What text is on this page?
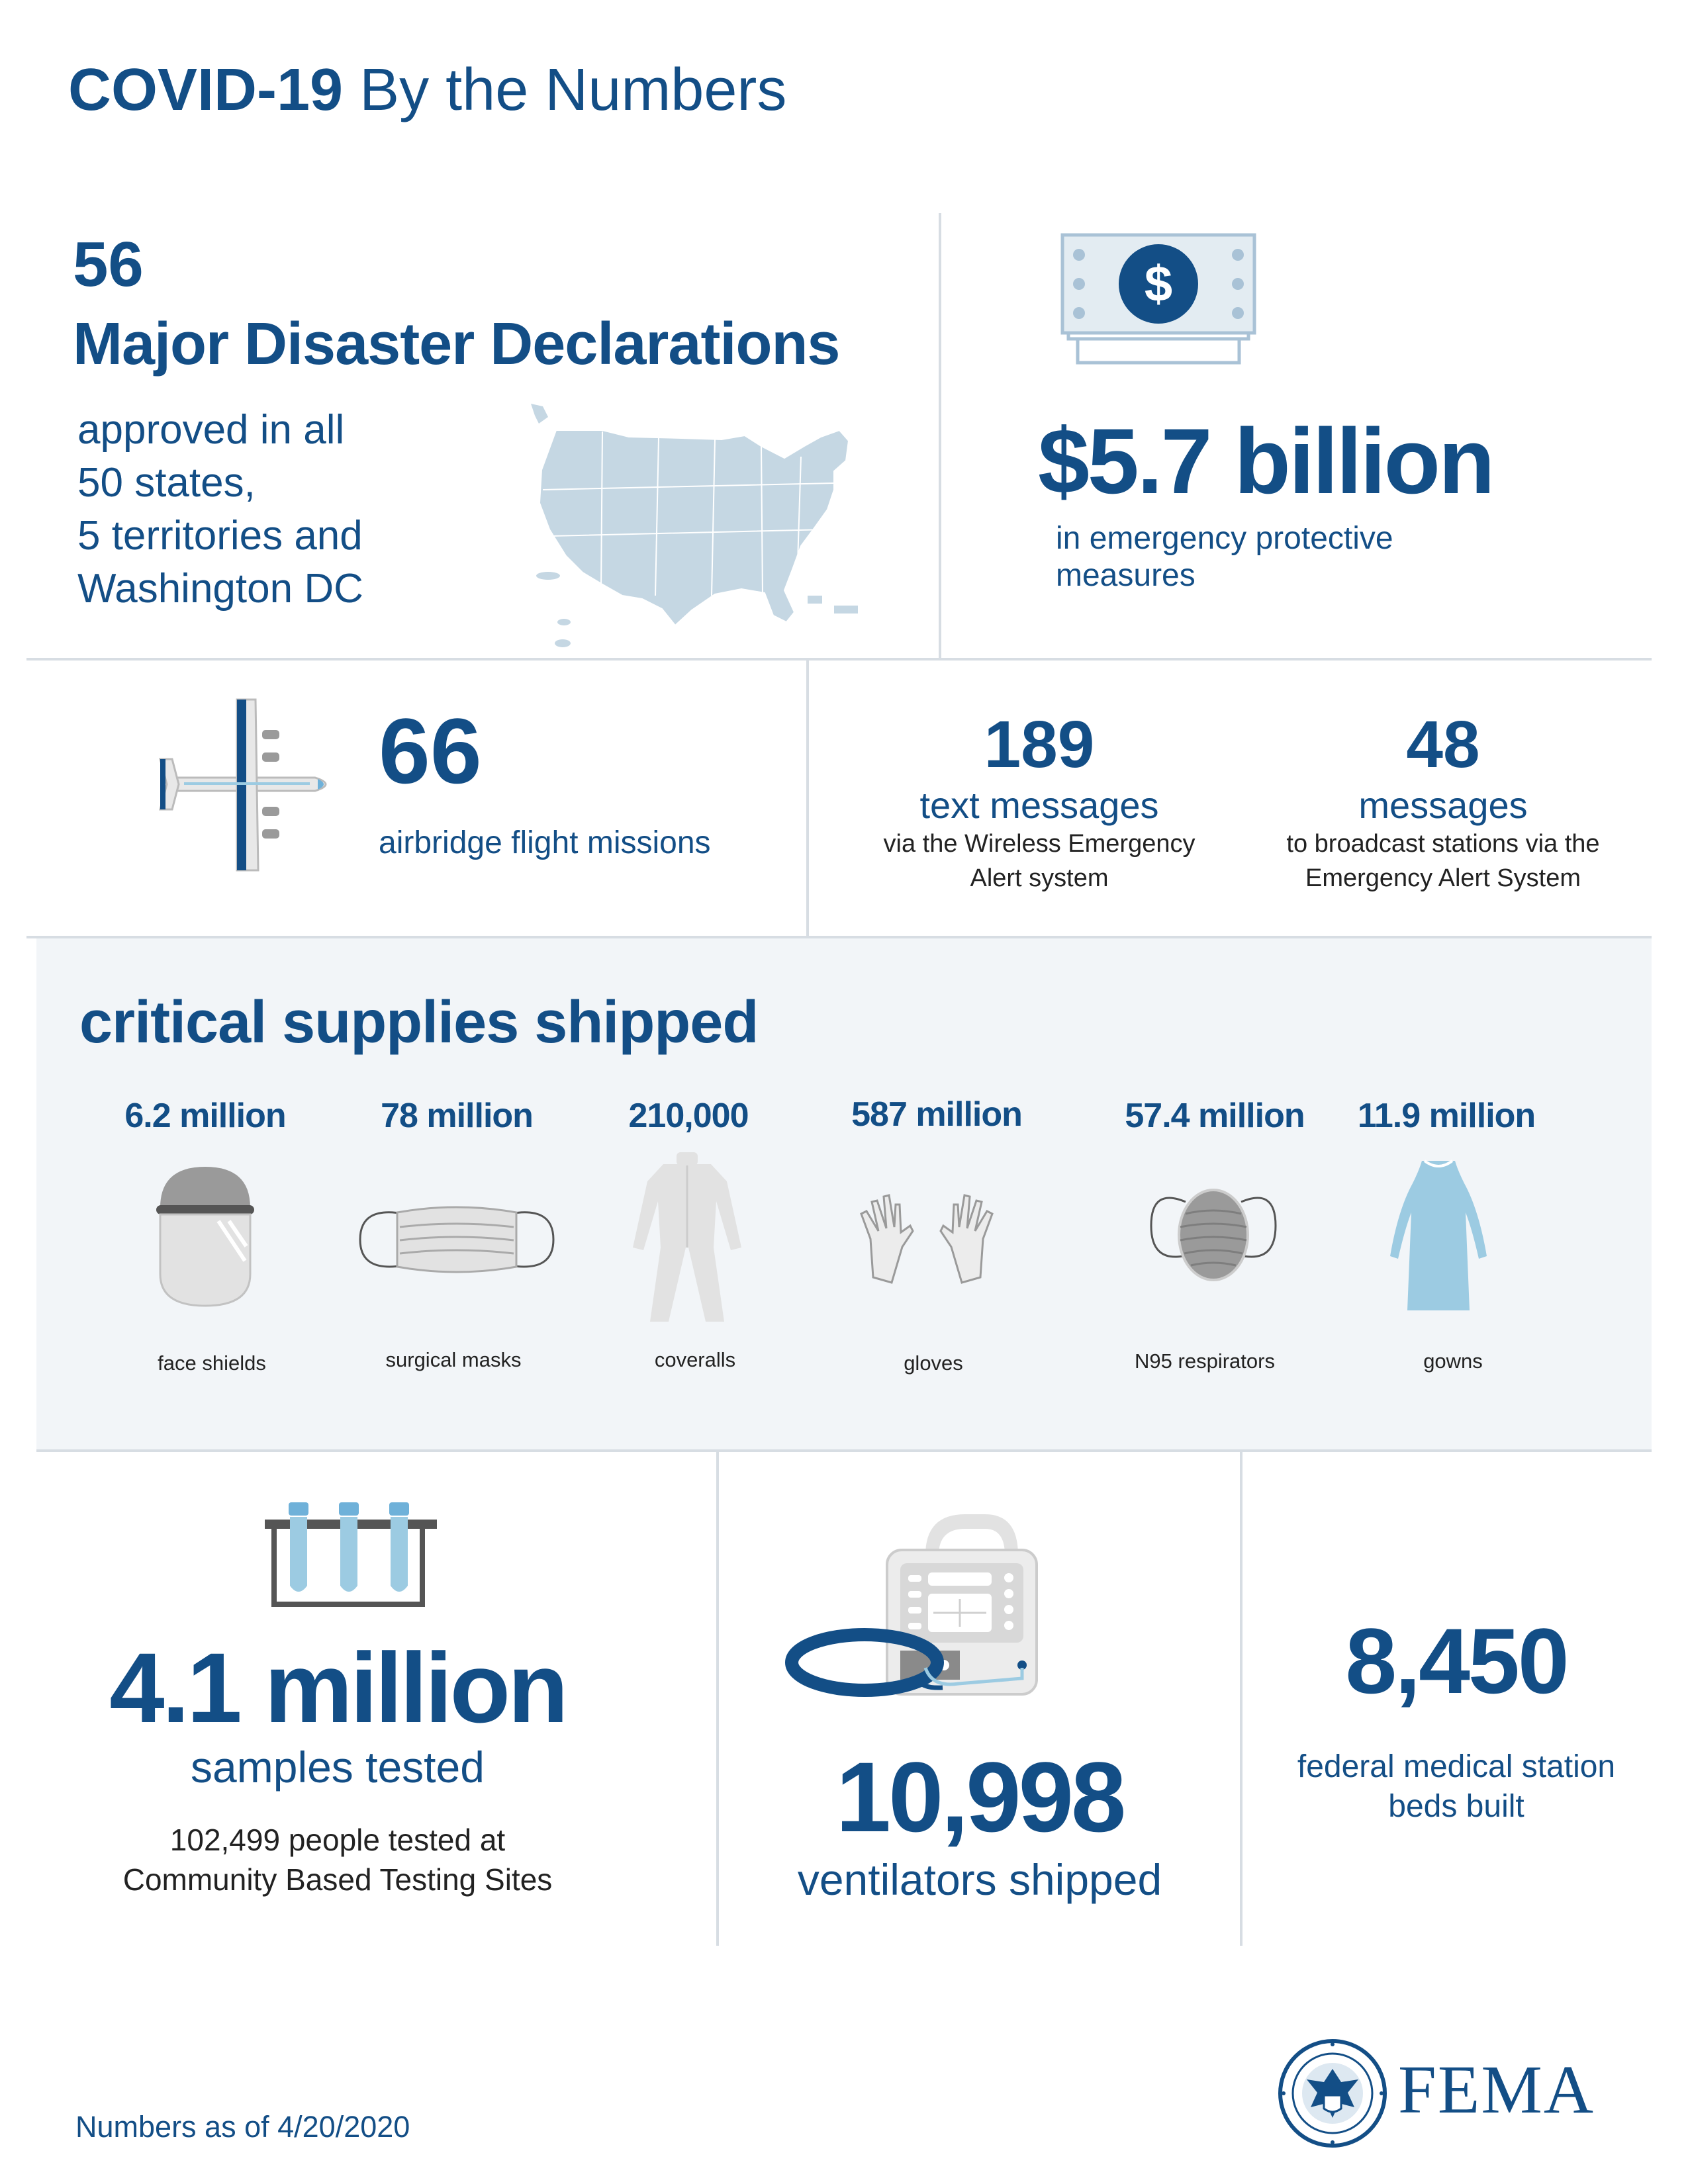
COVID-19 By the Numbers
56
Major Disaster Declarations
approved in all
50 states,
5 territories and
Washington DC
$
$5.7 billion
in emergency protective
measures
66
airbridge flight missions
189
text messages
via the Wireless Emergency
Alert system
48
messages
to broadcast stations via the
Emergency Alert System
critical supplies shipped
6.2 million	78 million	210,000	587 million	57.4 million	11.9 million
face shields	surgical masks	coveralls	gloves	N95 respirators	gowns
4.1 million
samples tested
102,499 people tested at
Community Based Testing Sites
10,998
ventilators shipped
8,450
federal medical station
beds built
Numbers as of 4/20/2020	FEMA
